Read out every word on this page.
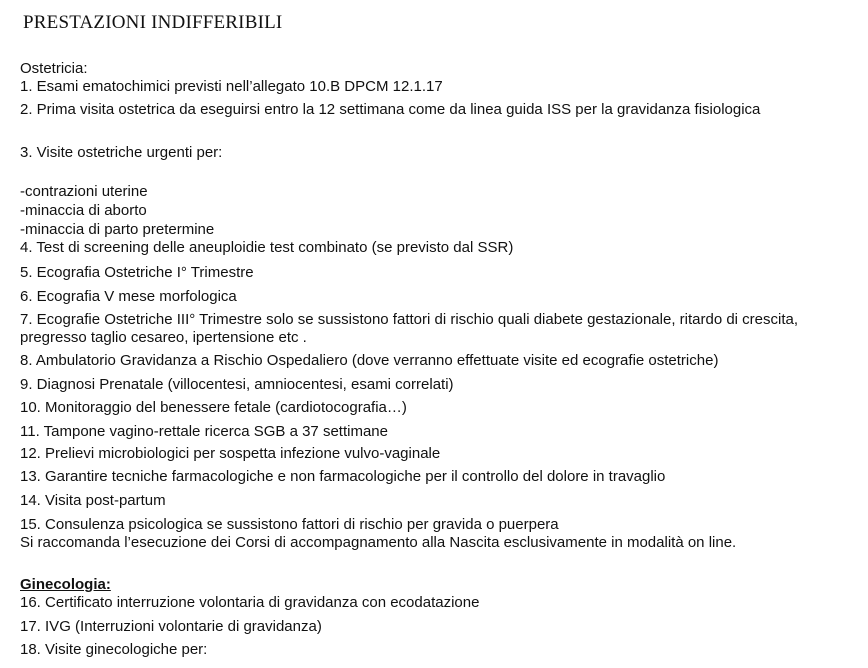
PRESTAZIONI INDIFFERIBILI
Ostetricia:
1. Esami ematochimici previsti nell’allegato 10.B DPCM 12.1.17
2. Prima visita ostetrica da eseguirsi entro la 12 settimana come da linea guida ISS per la gravidanza fisiologica
3. Visite ostetriche urgenti per:
-contrazioni uterine
-minaccia di aborto
-minaccia di parto pretermine
4. Test di screening delle aneuploidie test combinato (se previsto dal SSR)
5. Ecografia Ostetriche I° Trimestre
6. Ecografia V mese morfologica
7. Ecografie Ostetriche III° Trimestre solo se sussistono fattori di rischio quali diabete gestazionale, ritardo di crescita, pregresso taglio cesareo, ipertensione etc .
8. Ambulatorio Gravidanza a Rischio Ospedaliero (dove verranno effettuate visite ed ecografie ostetriche)
9. Diagnosi Prenatale (villocentesi, amniocentesi, esami correlati)
10. Monitoraggio del benessere fetale (cardiotocografia…)
11. Tampone vagino-rettale ricerca SGB a 37 settimane
12. Prelievi microbiologici per sospetta infezione vulvo-vaginale
13. Garantire tecniche farmacologiche e non farmacologiche per il controllo del dolore in travaglio
14. Visita post-partum
15. Consulenza psicologica se sussistono fattori di rischio per gravida o puerpera
Si raccomanda l’esecuzione dei Corsi di accompagnamento alla Nascita esclusivamente in modalità on line.
Ginecologia:
16. Certificato interruzione volontaria di gravidanza con ecodatazione
17. IVG (Interruzioni volontarie di gravidanza)
18. Visite ginecologiche per:
